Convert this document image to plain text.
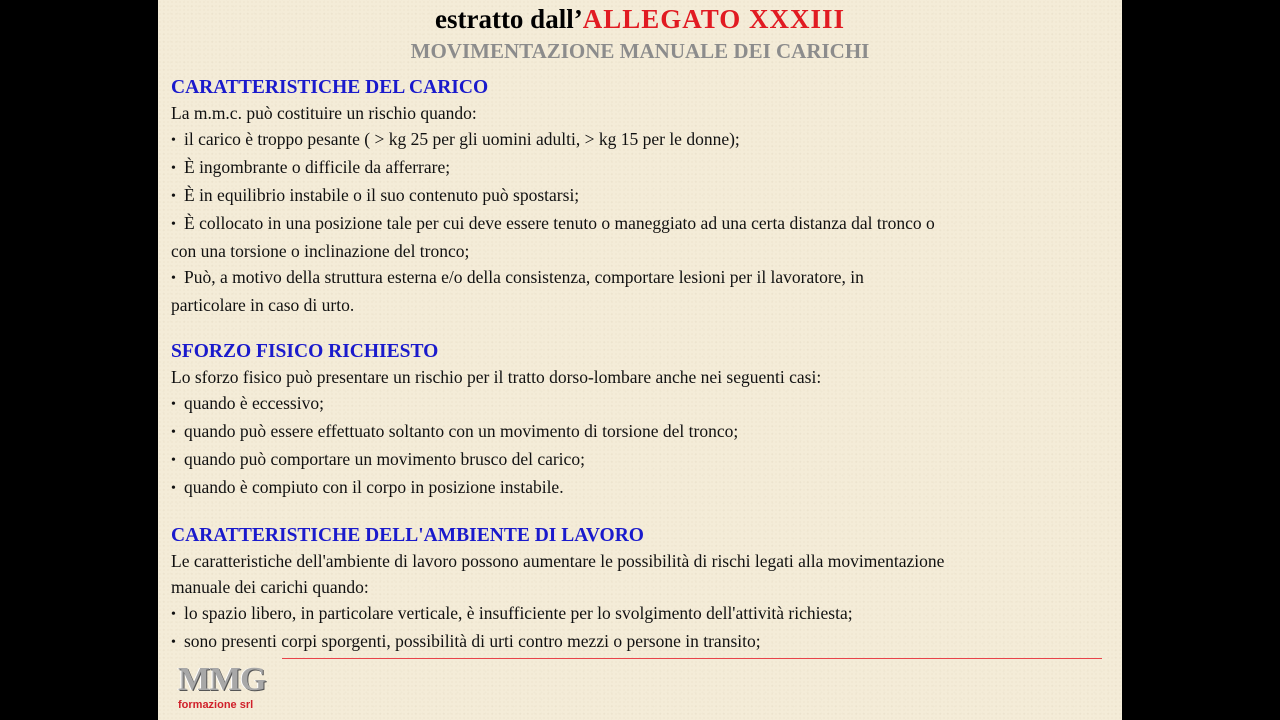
estratto dall’ALLEGATO XXXIII
MOVIMENTAZIONE MANUALE DEI CARICHI
CARATTERISTICHE DEL CARICO
La m.m.c. può costituire un rischio quando:
• il carico è troppo pesante ( > kg 25 per gli uomini adulti, > kg 15 per le donne);
• È ingombrante o difficile da afferrare;
• È in equilibrio instabile o il suo contenuto può spostarsi;
• È collocato in una posizione tale per cui deve essere tenuto o maneggiato ad una certa distanza dal tronco o
con una torsione o inclinazione del tronco;
• Può, a motivo della struttura esterna e/o della consistenza, comportare lesioni per il lavoratore, in
particolare in caso di urto.
SFORZO FISICO RICHIESTO
Lo sforzo fisico può presentare un rischio per il tratto dorso-lombare anche nei seguenti casi:
• quando è eccessivo;
• quando può essere effettuato soltanto con un movimento di torsione del tronco;
• quando può comportare un movimento brusco del carico;
• quando è compiuto con il corpo in posizione instabile.
CARATTERISTICHE DELL'AMBIENTE DI LAVORO
Le caratteristiche dell'ambiente di lavoro possono aumentare le possibilità di rischi legati alla movimentazione
manuale dei carichi quando:
• lo spazio libero, in particolare verticale, è insufficiente per lo svolgimento dell'attività richiesta;
• sono presenti corpi sporgenti, possibilità di urti contro mezzi o persone in transito;
MMG
formazione srl
